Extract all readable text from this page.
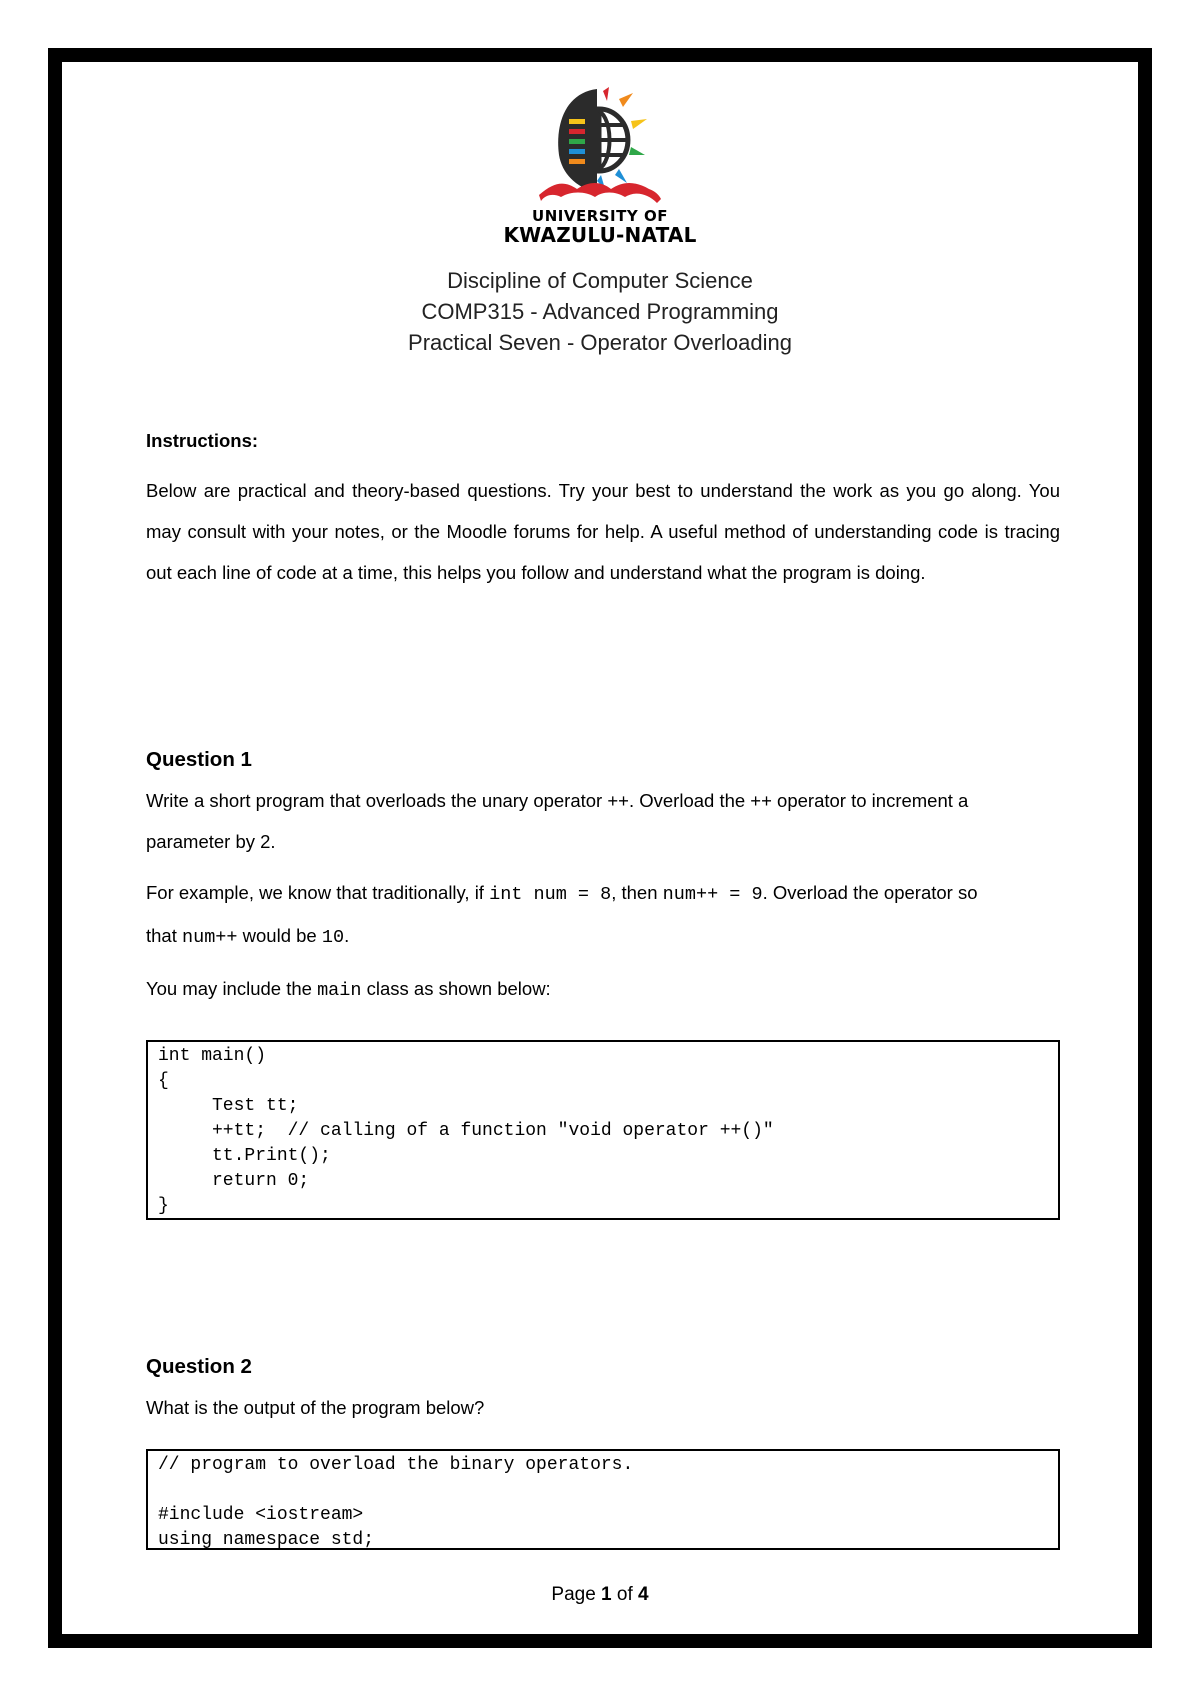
UNIVERSITY OF
KWAZULU-NATAL
Discipline of Computer Science
COMP315 - Advanced Programming
Practical Seven - Operator Overloading
Instructions:
Below are practical and theory-based questions. Try your best to understand the work as you go along. You may consult with your notes, or the Moodle forums for help. A useful method of understanding code is tracing out each line of code at a time, this helps you follow and understand what the program is doing.
Question 1
Write a short program that overloads the unary operator ++. Overload the ++ operator to increment a parameter by 2.
For example, we know that traditionally, if int num = 8, then num++ = 9. Overload the operator so that num++ would be 10.
You may include the main class as shown below:
int main()
{
Test tt;
++tt;  // calling of a function "void operator ++()"
tt.Print();
return 0;
}
Question 2
What is the output of the program below?
// program to overload the binary operators.

#include <iostream>
using namespace std;
Page 1 of 4
